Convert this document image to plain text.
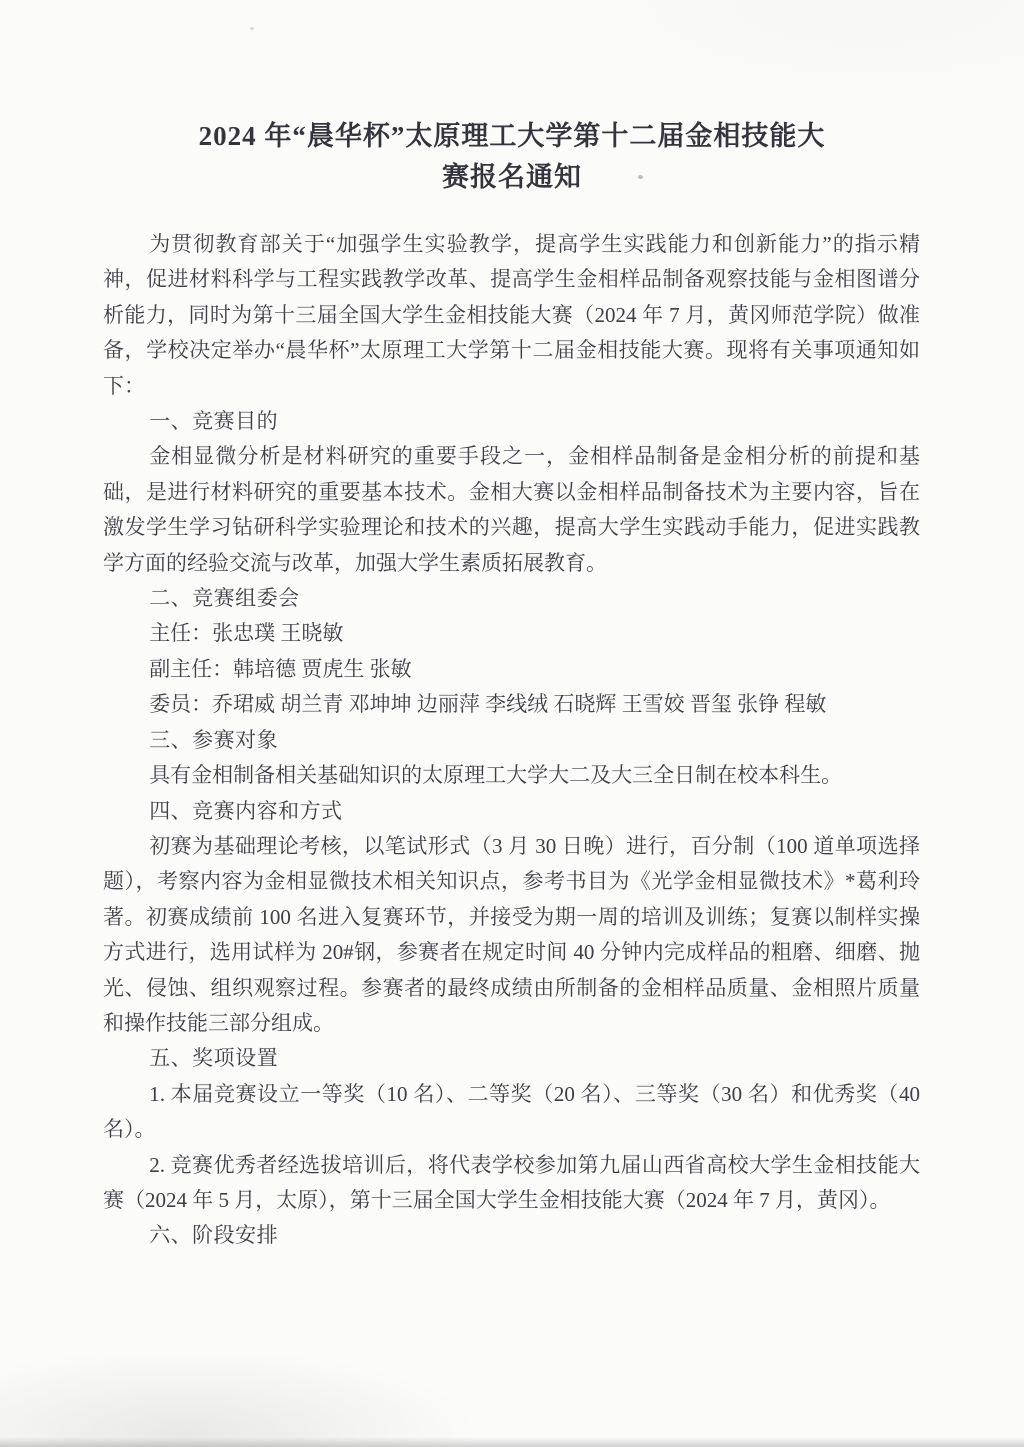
2024 年“晨华杯”太原理工大学第十二届金相技能大
赛报名通知

为贯彻教育部关于“加强学生实验教学，提高学生实践能力和创新能力”的指示精神，促进材料科学与工程实践教学改革、提高学生金相样品制备观察技能与金相图谱分析能力，同时为第十三届全国大学生金相技能大赛（2024 年 7 月，黄冈师范学院）做准备，学校决定举办“晨华杯”太原理工大学第十二届金相技能大赛。现将有关事项通知如下：

一、竞赛目的

金相显微分析是材料研究的重要手段之一，金相样品制备是金相分析的前提和基础，是进行材料研究的重要基本技术。金相大赛以金相样品制备技术为主要内容，旨在激发学生学习钻研科学实验理论和技术的兴趣，提高大学生实践动手能力，促进实践教学方面的经验交流与改革，加强大学生素质拓展教育。

二、竞赛组委会

主任：张忠璞 王晓敏

副主任：韩培德 贾虎生 张敏

委员：乔珺威 胡兰青 邓坤坤 边丽萍 李线绒 石晓辉 王雪姣 晋玺 张铮 程敏

三、参赛对象

具有金相制备相关基础知识的太原理工大学大二及大三全日制在校本科生。

四、竞赛内容和方式

初赛为基础理论考核，以笔试形式（3 月 30 日晚）进行，百分制（100 道单项选择题），考察内容为金相显微技术相关知识点，参考书目为《光学金相显微技术》*葛利玲著。初赛成绩前 100 名进入复赛环节，并接受为期一周的培训及训练；复赛以制样实操方式进行，选用试样为 20#钢，参赛者在规定时间 40 分钟内完成样品的粗磨、细磨、抛光、侵蚀、组织观察过程。参赛者的最终成绩由所制备的金相样品质量、金相照片质量和操作技能三部分组成。

五、奖项设置

1. 本届竞赛设立一等奖（10 名）、二等奖（20 名）、三等奖（30 名）和优秀奖（40 名）。

2. 竞赛优秀者经选拔培训后，将代表学校参加第九届山西省高校大学生金相技能大赛（2024 年 5 月，太原），第十三届全国大学生金相技能大赛（2024 年 7 月，黄冈）。

六、阶段安排
